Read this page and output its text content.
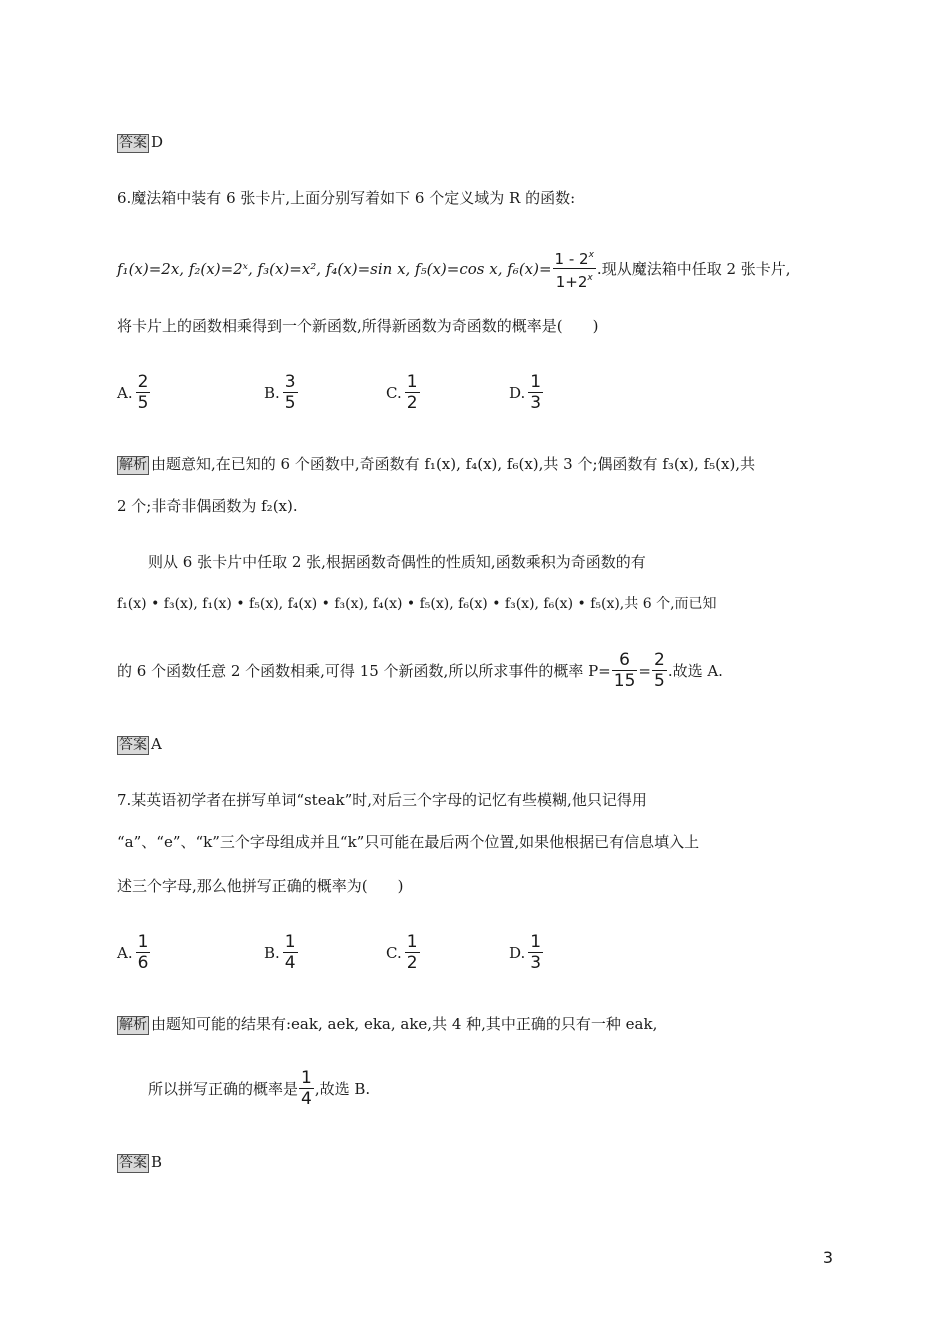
答案 D
6.魔法箱中装有 6 张卡片,上面分别写着如下 6 个定义域为 R 的函数:
f₁(x)=2x, f₂(x)=2ˣ, f₃(x)=x², f₄(x)=sin x, f₅(x)=cos x, $f_6(x)= \frac{1 - 2^x}{1+2^x}$ .现从魔法箱中任取 2 张卡片,
将卡片上的函数相乘得到一个新函数,所得新函数为奇函数的概率是(　　)
A. $\frac{2}{5}$	B. $\frac{3}{5}$	C. $\frac{1}{2}$	D. $\frac{1}{3}$
解析 由题意知,在已知的 6 个函数中,奇函数有 f₁(x), f₄(x), f₆(x),共 3 个;偶函数有 f₃(x), f₅(x),共
2 个;非奇非偶函数为 f₂(x).
则从 6 张卡片中任取 2 张,根据函数奇偶性的性质知,函数乘积为奇函数的有
f₁(x) • f₃(x), f₁(x) • f₅(x), f₄(x) • f₃(x), f₄(x) • f₅(x), f₆(x) • f₃(x), f₆(x) • f₅(x),共 6 个,而已知
的 6 个函数任意 2 个函数相乘,可得 15 个新函数,所以所求事件的概率 $P= \frac{6}{15} = \frac{2}{5}$ .故选 A.
答案 A
7.某英语初学者在拼写单词“steak”时,对后三个字母的记忆有些模糊,他只记得用
“a”、“e”、“k”三个字母组成并且“k”只可能在最后两个位置,如果他根据已有信息填入上
述三个字母,那么他拼写正确的概率为(　　)
A. $\frac{1}{6}$	B. $\frac{1}{4}$	C. $\frac{1}{2}$	D. $\frac{1}{3}$
解析 由题知可能的结果有:eak, aek, eka, ake,共 4 种,其中正确的只有一种 eak,
所以拼写正确的概率是 $\frac{1}{4}$ ,故选 B.
答案 B
3
